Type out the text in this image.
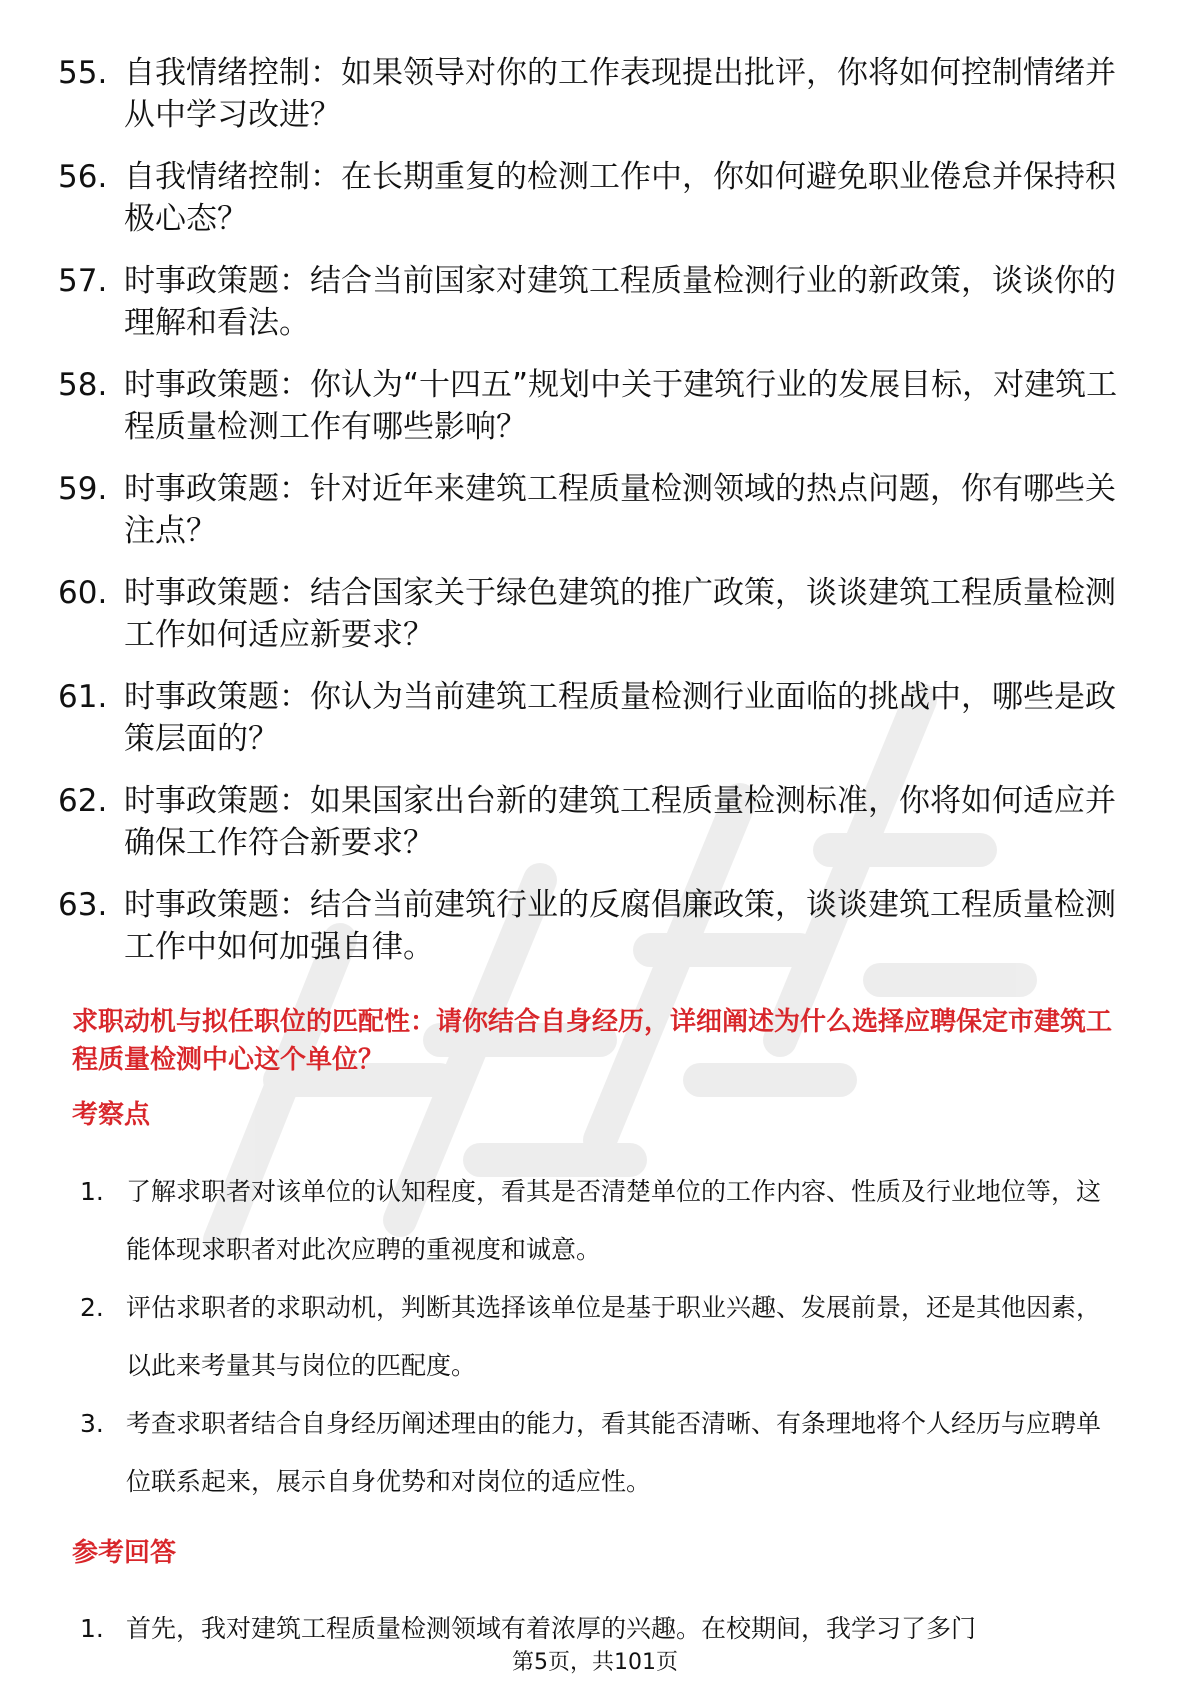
55. 自我情绪控制：如果领导对你的工作表现提出批评，你将如何控制情绪并从中学习改进？
56. 自我情绪控制：在长期重复的检测工作中，你如何避免职业倦怠并保持积极心态？
57. 时事政策题：结合当前国家对建筑工程质量检测行业的新政策，谈谈你的理解和看法。
58. 时事政策题：你认为“十四五”规划中关于建筑行业的发展目标，对建筑工程质量检测工作有哪些影响？
59. 时事政策题：针对近年来建筑工程质量检测领域的热点问题，你有哪些关注点？
60. 时事政策题：结合国家关于绿色建筑的推广政策，谈谈建筑工程质量检测工作如何适应新要求？
61. 时事政策题：你认为当前建筑工程质量检测行业面临的挑战中，哪些是政策层面的？
62. 时事政策题：如果国家出台新的建筑工程质量检测标准，你将如何适应并确保工作符合新要求？
63. 时事政策题：结合当前建筑行业的反腐倡廉政策，谈谈建筑工程质量检测工作中如何加强自律。
求职动机与拟任职位的匹配性：请你结合自身经历，详细阐述为什么选择应聘保定市建筑工程质量检测中心这个单位？
考察点
1. 了解求职者对该单位的认知程度，看其是否清楚单位的工作内容、性质及行业地位等，这能体现求职者对此次应聘的重视度和诚意。
2. 评估求职者的求职动机，判断其选择该单位是基于职业兴趣、发展前景，还是其他因素，以此来考量其与岗位的匹配度。
3. 考查求职者结合自身经历阐述理由的能力，看其能否清晰、有条理地将个人经历与应聘单位联系起来，展示自身优势和对岗位的适应性。
参考回答
1. 首先，我对建筑工程质量检测领域有着浓厚的兴趣。在校期间，我学习了多门
第5页，共101页
